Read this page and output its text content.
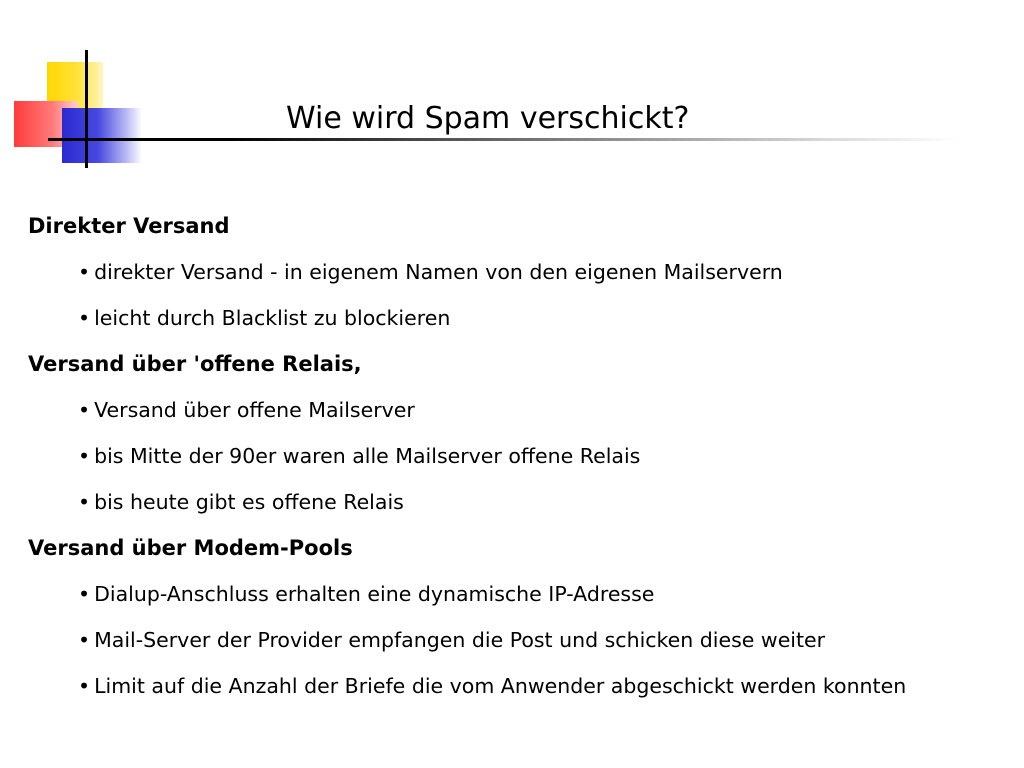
Wie wird Spam verschickt?
Direkter Versand
• direkter Versand - in eigenem Namen von den eigenen Mailservern
• leicht durch Blacklist zu blockieren
Versand über 'offene Relais,
• Versand über offene Mailserver
• bis Mitte der 90er waren alle Mailserver offene Relais
• bis heute gibt es offene Relais
Versand über Modem-Pools
• Dialup-Anschluss erhalten eine dynamische IP-Adresse
• Mail-Server der Provider empfangen die Post und schicken diese weiter
• Limit auf die Anzahl der Briefe die vom Anwender abgeschickt werden konnten
